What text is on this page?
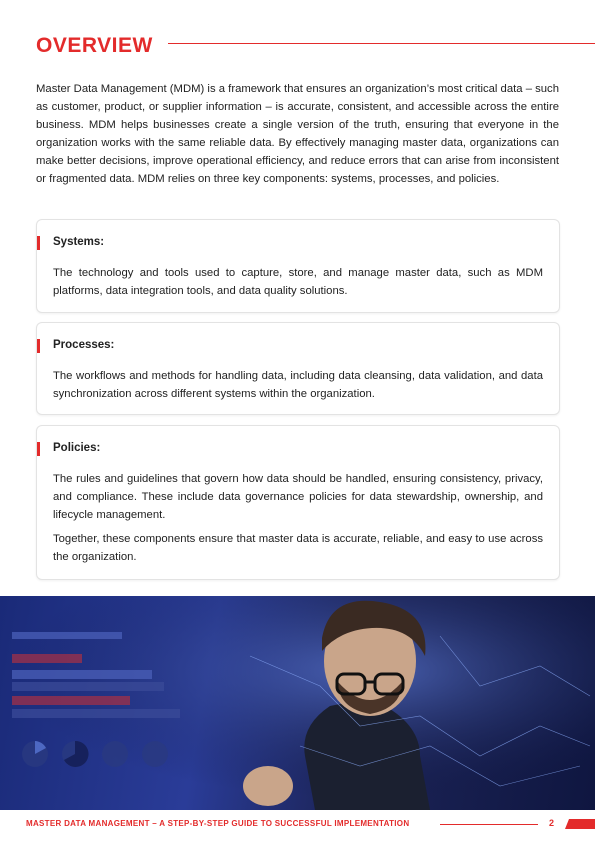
OVERVIEW

Master Data Management (MDM) is a framework that ensures an organization’s most critical data – such as customer, product, or supplier information – is accurate, consistent, and accessible across the entire business. MDM helps businesses create a single version of the truth, ensuring that everyone in the organization works with the same reliable data. By effectively managing master data, organizations can make better decisions, improve operational efficiency, and reduce errors that can arise from inconsistent or fragmented data. MDM relies on three key components: systems, processes, and policies.

Systems:

The technology and tools used to capture, store, and manage master data, such as MDM platforms, data integration tools, and data quality solutions.

Processes:

The workflows and methods for handling data, including data cleansing, data validation, and data synchronization across different systems within the organization.

Policies:

The rules and guidelines that govern how data should be handled, ensuring consistency, privacy, and compliance. These include data governance policies for data stewardship, ownership, and lifecycle management.

Together, these components ensure that master data is accurate, reliable, and easy to use across the organization.

MASTER DATA MANAGEMENT – A STEP-BY-STEP GUIDE TO SUCCESSFUL IMPLEMENTATION	2
